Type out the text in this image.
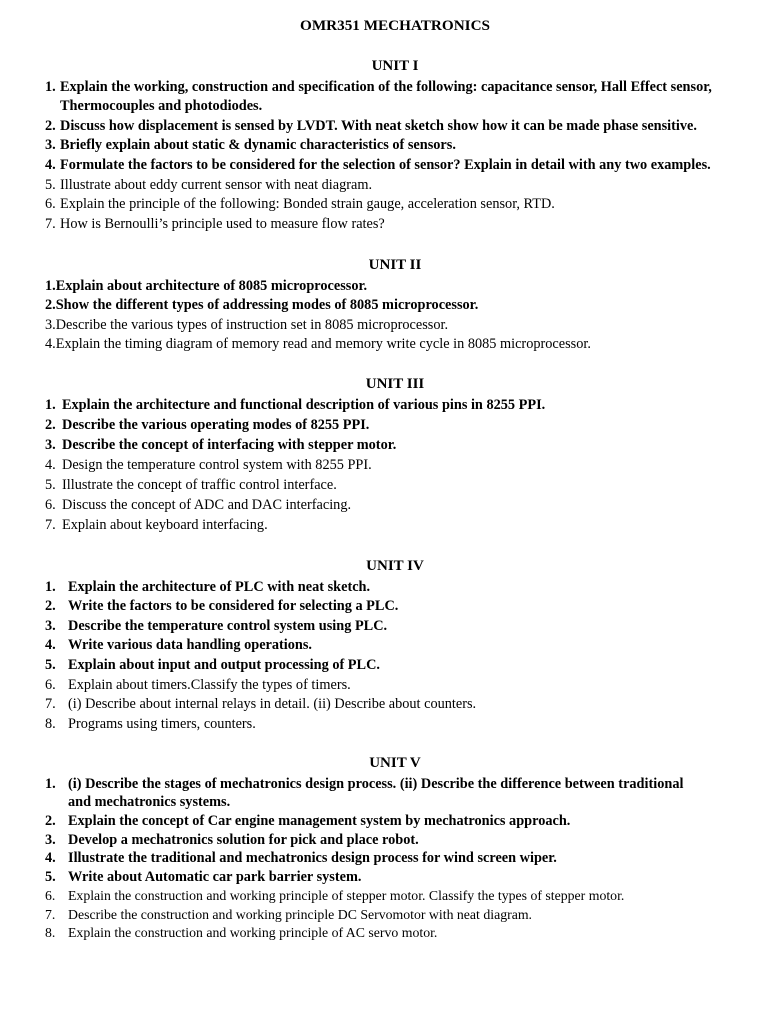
OMR351 MECHATRONICS
UNIT I
1. Explain the working, construction and specification of the following: capacitance sensor, Hall Effect sensor, Thermocouples and photodiodes.
2. Discuss how displacement is sensed by LVDT. With neat sketch show how it can be made phase sensitive.
3. Briefly explain about static & dynamic characteristics of sensors.
4. Formulate the factors to be considered for the selection of sensor? Explain in detail with any two examples.
5. Illustrate about eddy current sensor with neat diagram.
6. Explain the principle of the following: Bonded strain gauge, acceleration sensor, RTD.
7. How is Bernoulli’s principle used to measure flow rates?
UNIT II
1. Explain about architecture of 8085 microprocessor.
2. Show the different types of addressing modes of 8085 microprocessor.
3. Describe the various types of instruction set in 8085 microprocessor.
4. Explain the timing diagram of memory read and memory write cycle in 8085 microprocessor.
UNIT III
1. Explain the architecture and functional description of various pins in 8255 PPI.
2. Describe the various operating modes of 8255 PPI.
3. Describe the concept of interfacing with stepper motor.
4. Design the temperature control system with 8255 PPI.
5. Illustrate the concept of traffic control interface.
6. Discuss the concept of ADC and DAC interfacing.
7. Explain about keyboard interfacing.
UNIT IV
1. Explain the architecture of PLC with neat sketch.
2. Write the factors to be considered for selecting a PLC.
3. Describe the temperature control system using PLC.
4. Write various data handling operations.
5. Explain about input and output processing of PLC.
6. Explain about timers.Classify the types of timers.
7. (i) Describe about internal relays in detail. (ii) Describe about counters.
8. Programs using timers, counters.
UNIT V
1. (i) Describe the stages of mechatronics design process. (ii) Describe the difference between traditional and mechatronics systems.
2. Explain the concept of Car engine management system by mechatronics approach.
3. Develop a mechatronics solution for pick and place robot.
4. Illustrate the traditional and mechatronics design process for wind screen wiper.
5. Write about Automatic car park barrier system.
6. Explain the construction and working principle of stepper motor. Classify the types of stepper motor.
7. Describe the construction and working principle DC Servomotor with neat diagram.
8. Explain the construction and working principle of AC servo motor.
